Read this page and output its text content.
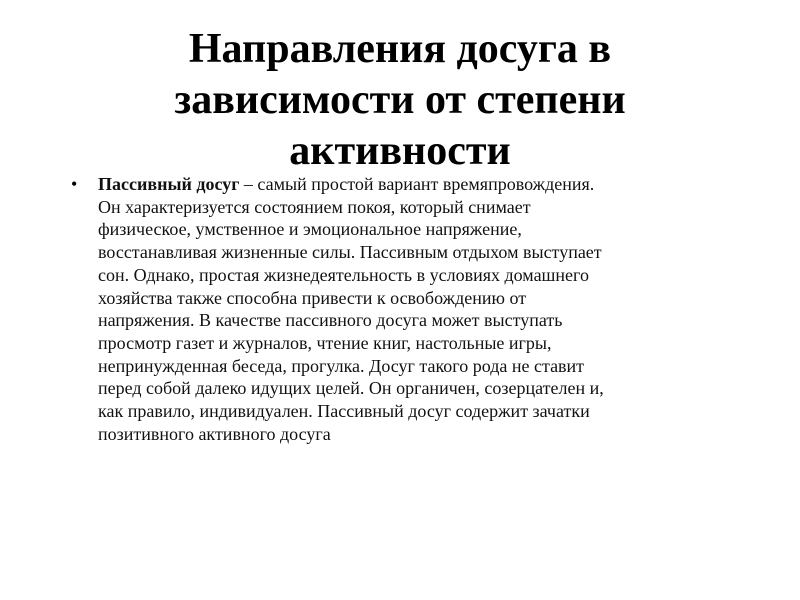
Направления досуга в
зависимости от степени
активности
• Пассивный досуг – самый простой вариант времяпровождения.
Он характеризуется состоянием покоя, который снимает
физическое, умственное и эмоциональное напряжение,
восстанавливая жизненные силы. Пассивным отдыхом выступает
сон. Однако, простая жизнедеятельность в условиях домашнего
хозяйства также способна привести к освобождению от
напряжения. В качестве пассивного досуга может выступать
просмотр газет и журналов, чтение книг, настольные игры,
непринужденная беседа, прогулка. Досуг такого рода не ставит
перед собой далеко идущих целей. Он органичен, созерцателен и,
как правило, индивидуален. Пассивный досуг содержит зачатки
позитивного активного досуга
